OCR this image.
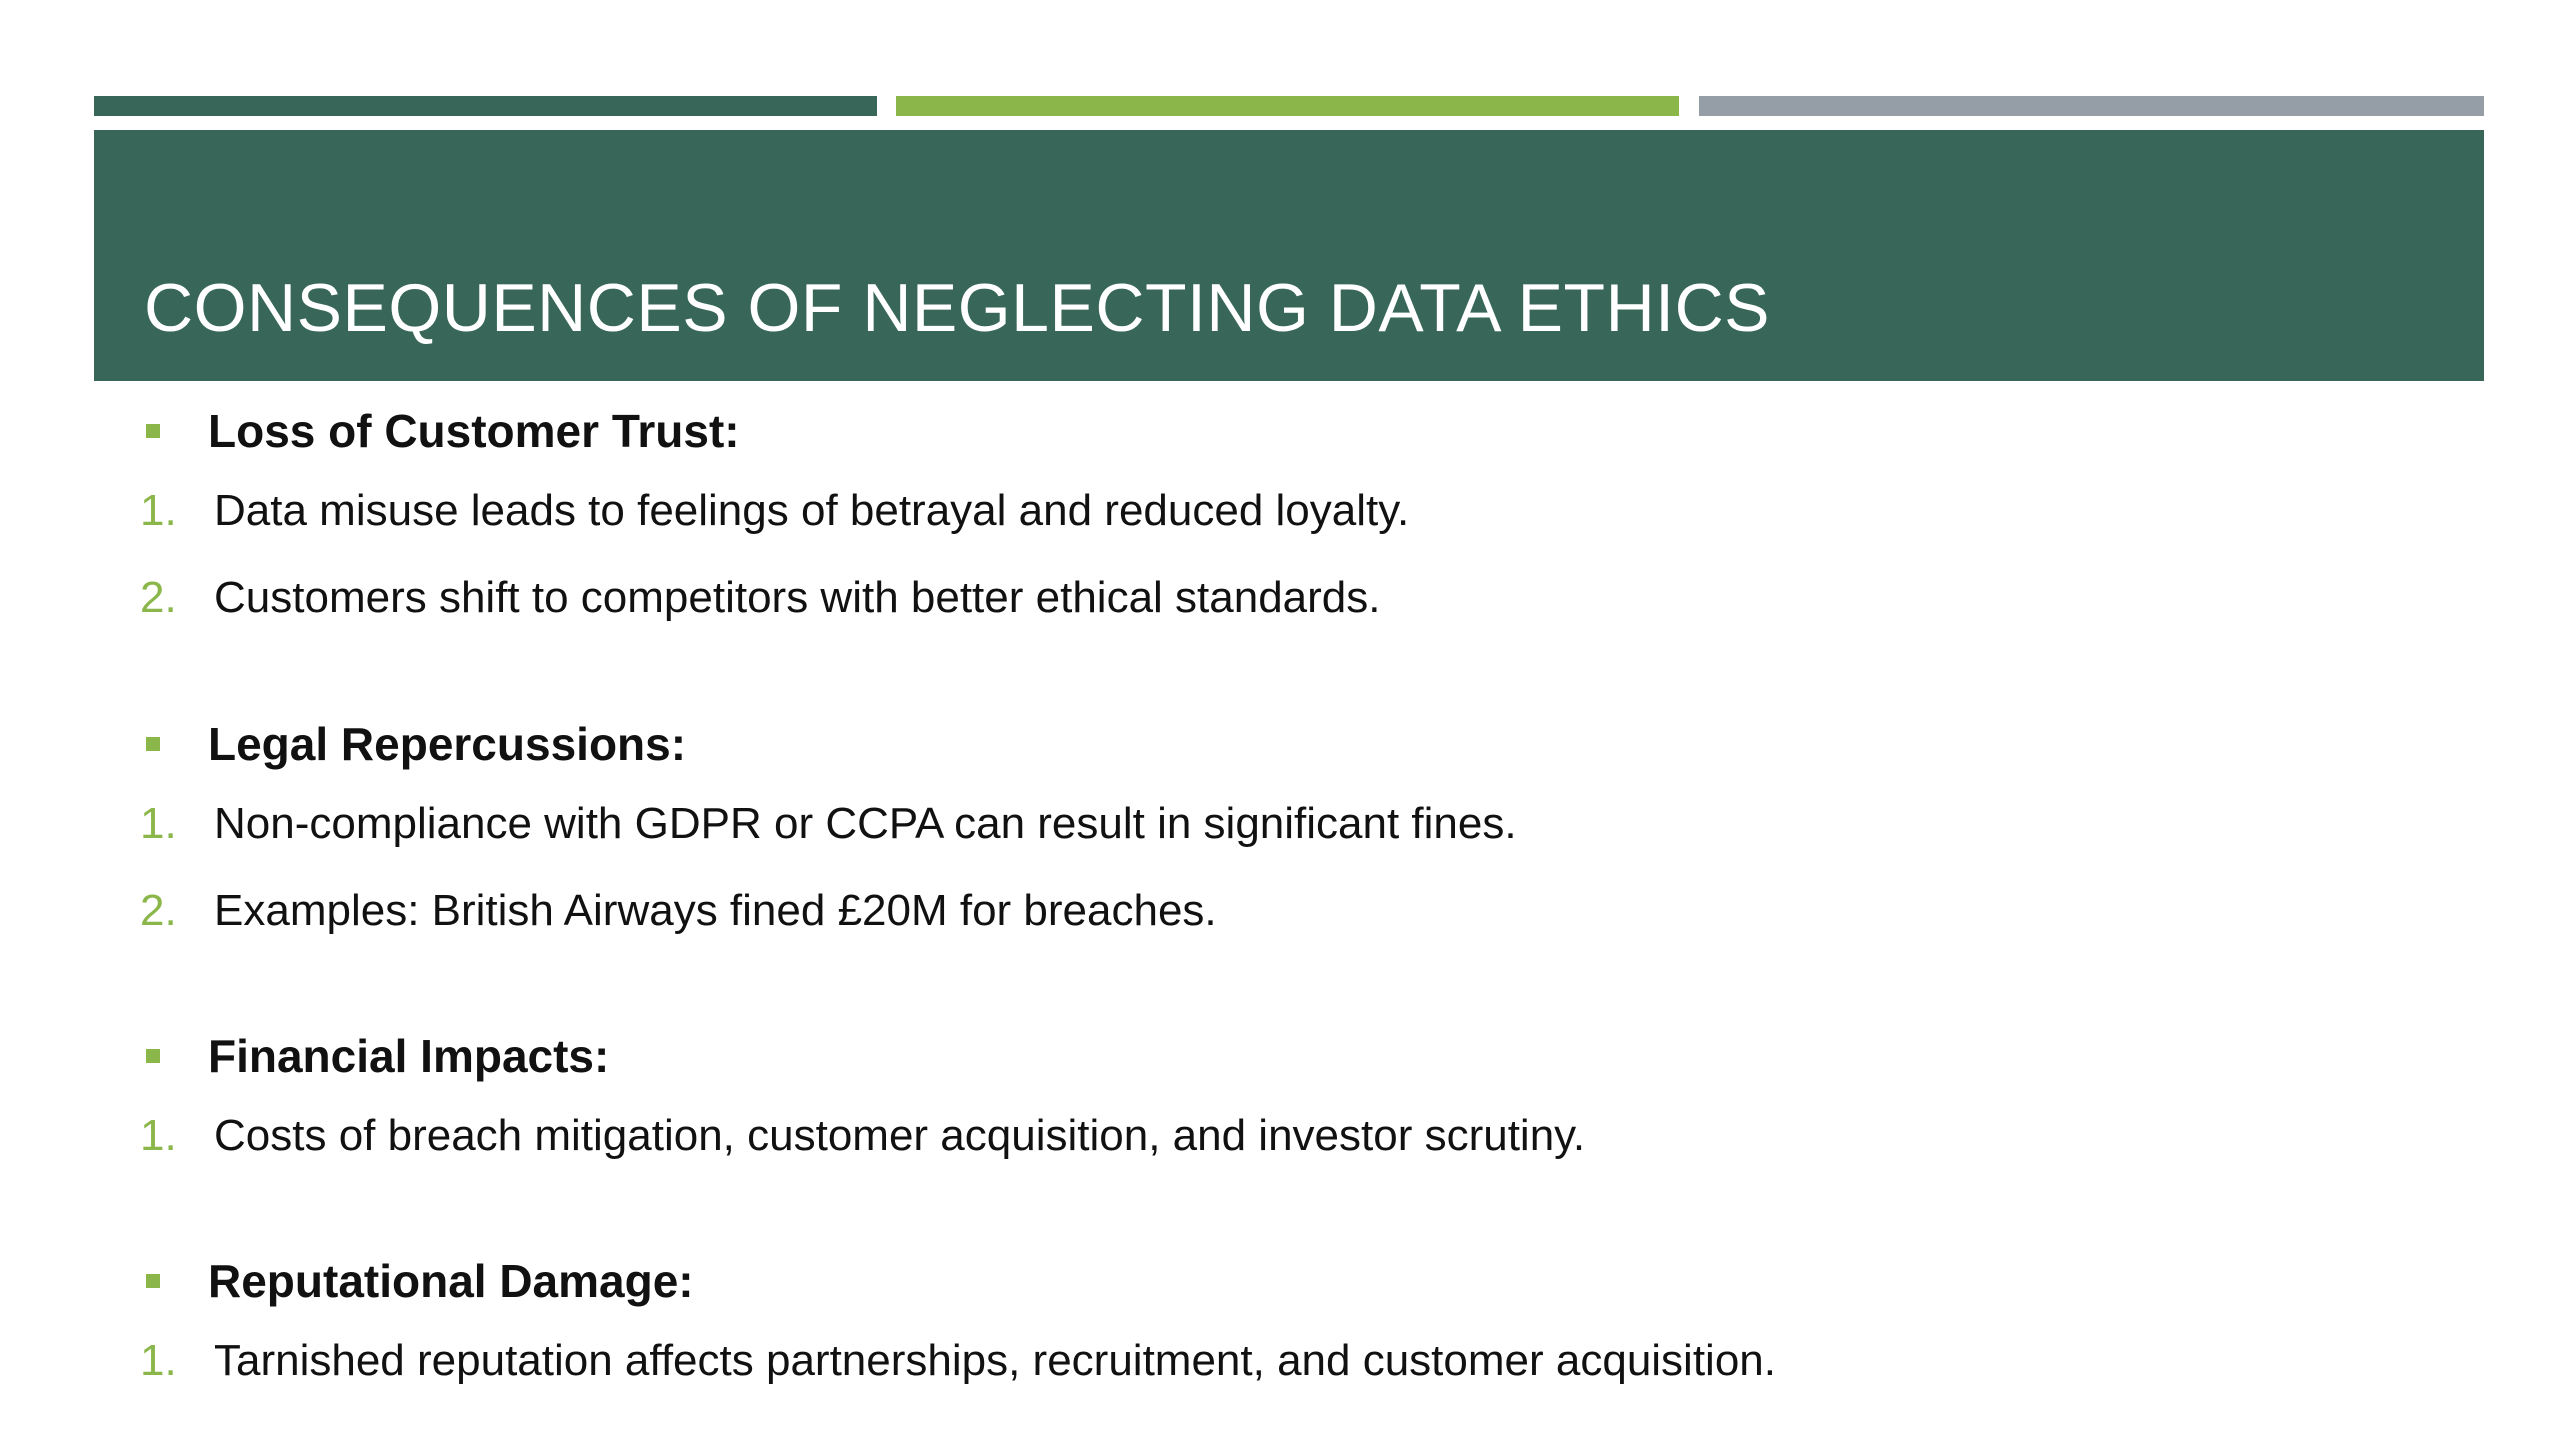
CONSEQUENCES OF NEGLECTING DATA ETHICS
Loss of Customer Trust:
1. Data misuse leads to feelings of betrayal and reduced loyalty.
2. Customers shift to competitors with better ethical standards.
Legal Repercussions:
1. Non-compliance with GDPR or CCPA can result in significant fines.
2. Examples: British Airways fined £20M for breaches.
Financial Impacts:
1. Costs of breach mitigation, customer acquisition, and investor scrutiny.
Reputational Damage:
1. Tarnished reputation affects partnerships, recruitment, and customer acquisition.
